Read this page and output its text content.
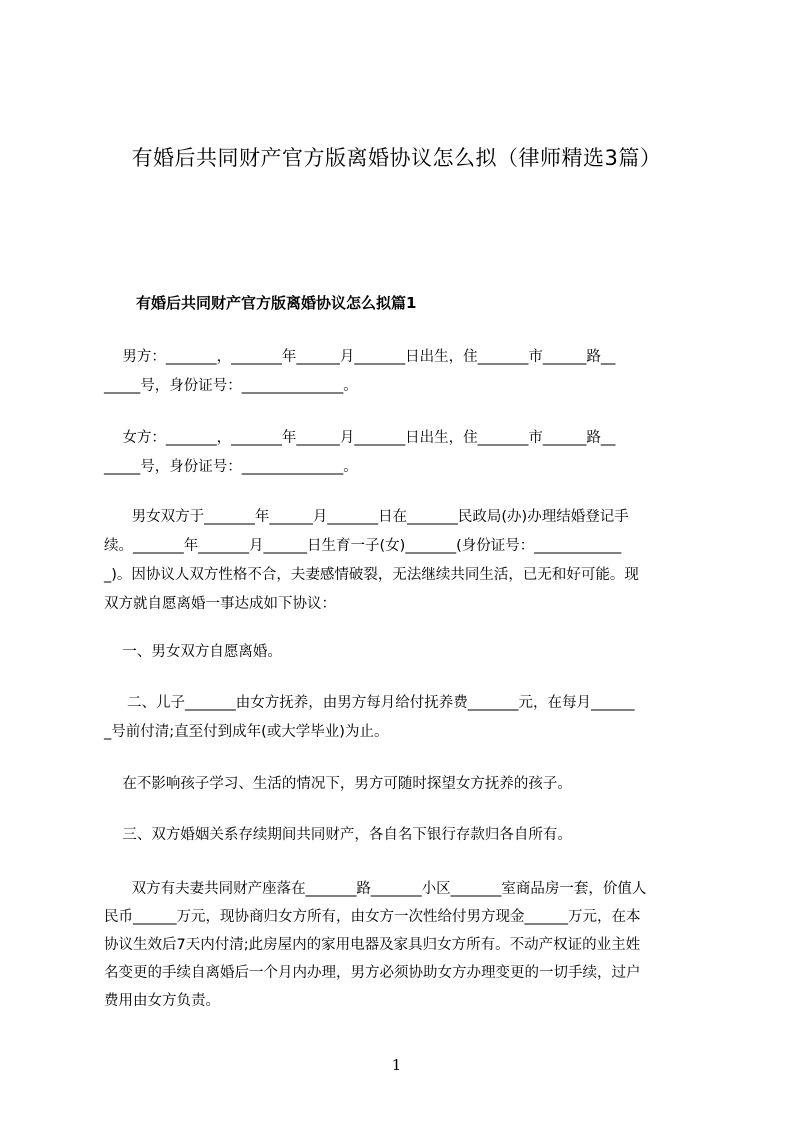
有婚后共同财产官方版离婚协议怎么拟（律师精选3篇）
有婚后共同财产官方版离婚协议怎么拟篇1
男方：_______，_______年______月_______日出生，住_______市______路__
_____号，身份证号：______________。
女方：_______，_______年______月_______日出生，住_______市______路__
_____号，身份证号：______________。
男女双方于_______年______月_______日在_______民政局(办)办理结婚登记手
续。_______年_______月______日生育一子(女)_______(身份证号：____________
_)。因协议人双方性格不合，夫妻感情破裂，无法继续共同生活，已无和好可能。现
双方就自愿离婚一事达成如下协议：
一、男女双方自愿离婚。
二、儿子_______由女方抚养，由男方每月给付抚养费_______元，在每月______
_号前付清;直至付到成年(或大学毕业)为止。
在不影响孩子学习、生活的情况下，男方可随时探望女方抚养的孩子。
三、双方婚姻关系存续期间共同财产，各自名下银行存款归各自所有。
双方有夫妻共同财产座落在_______路_______小区_______室商品房一套，价值人
民币______万元，现协商归女方所有，由女方一次性给付男方现金______万元，在本
协议生效后7天内付清;此房屋内的家用电器及家具归女方所有。不动产权证的业主姓
名变更的手续自离婚后一个月内办理，男方必须协助女方办理变更的一切手续，过户
费用由女方负责。
1
